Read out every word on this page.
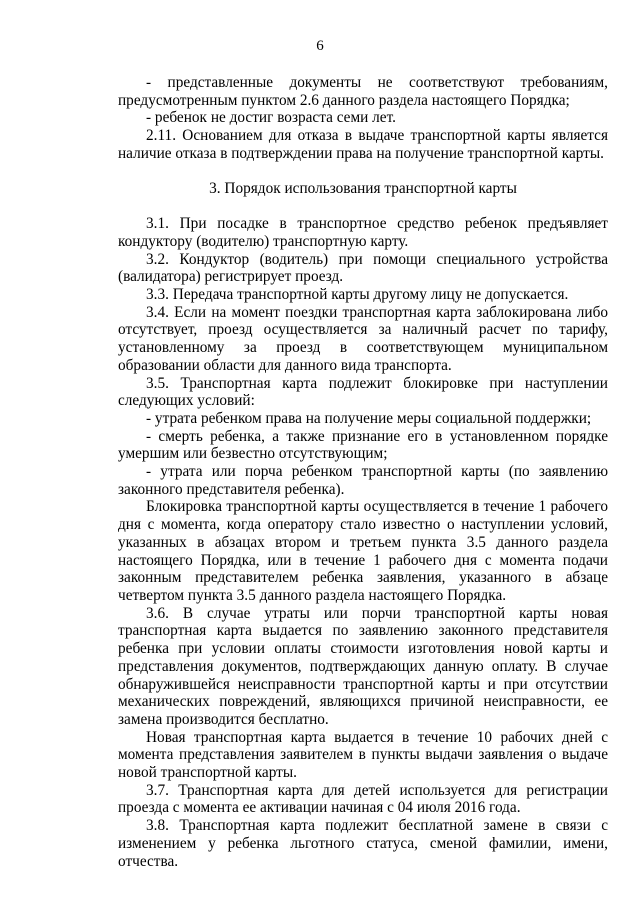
6

- представленные документы не соответствуют требованиям, предусмотренным пунктом 2.6 данного раздела настоящего Порядка;

- ребенок не достиг возраста семи лет.

2.11. Основанием для отказа в выдаче транспортной карты является наличие отказа в подтверждении права на получение транспортной карты.

3. Порядок использования транспортной карты

3.1. При посадке в транспортное средство ребенок предъявляет кондуктору (водителю) транспортную карту.

3.2. Кондуктор (водитель) при помощи специального устройства (валидатора) регистрирует проезд.

3.3. Передача транспортной карты другому лицу не допускается.

3.4. Если на момент поездки транспортная карта заблокирована либо отсутствует, проезд осуществляется за наличный расчет по тарифу, установленному за проезд в соответствующем муниципальном образовании области для данного вида транспорта.

3.5. Транспортная карта подлежит блокировке при наступлении следующих условий:

- утрата ребенком права на получение меры социальной поддержки;

- смерть ребенка, а также признание его в установленном порядке умершим или безвестно отсутствующим;

- утрата или порча ребенком транспортной карты (по заявлению законного представителя ребенка).

Блокировка транспортной карты осуществляется в течение 1 рабочего дня с момента, когда оператору стало известно о наступлении условий, указанных в абзацах втором и третьем пункта 3.5 данного раздела настоящего Порядка, или в течение 1 рабочего дня с момента подачи законным представителем ребенка заявления, указанного в абзаце четвертом пункта 3.5 данного раздела настоящего Порядка.

3.6. В случае утраты или порчи транспортной карты новая транспортная карта выдается по заявлению законного представителя ребенка при условии оплаты стоимости изготовления новой карты и представления документов, подтверждающих данную оплату. В случае обнаружившейся неисправности транспортной карты и при отсутствии механических повреждений, являющихся причиной неисправности, ее замена производится бесплатно.

Новая транспортная карта выдается в течение 10 рабочих дней с момента представления заявителем в пункты выдачи заявления о выдаче новой транспортной карты.

3.7. Транспортная карта для детей используется для регистрации проезда с момента ее активации начиная с 04 июля 2016 года.

3.8. Транспортная карта подлежит бесплатной замене в связи с изменением у ребенка льготного статуса, сменой фамилии, имени, отчества.
